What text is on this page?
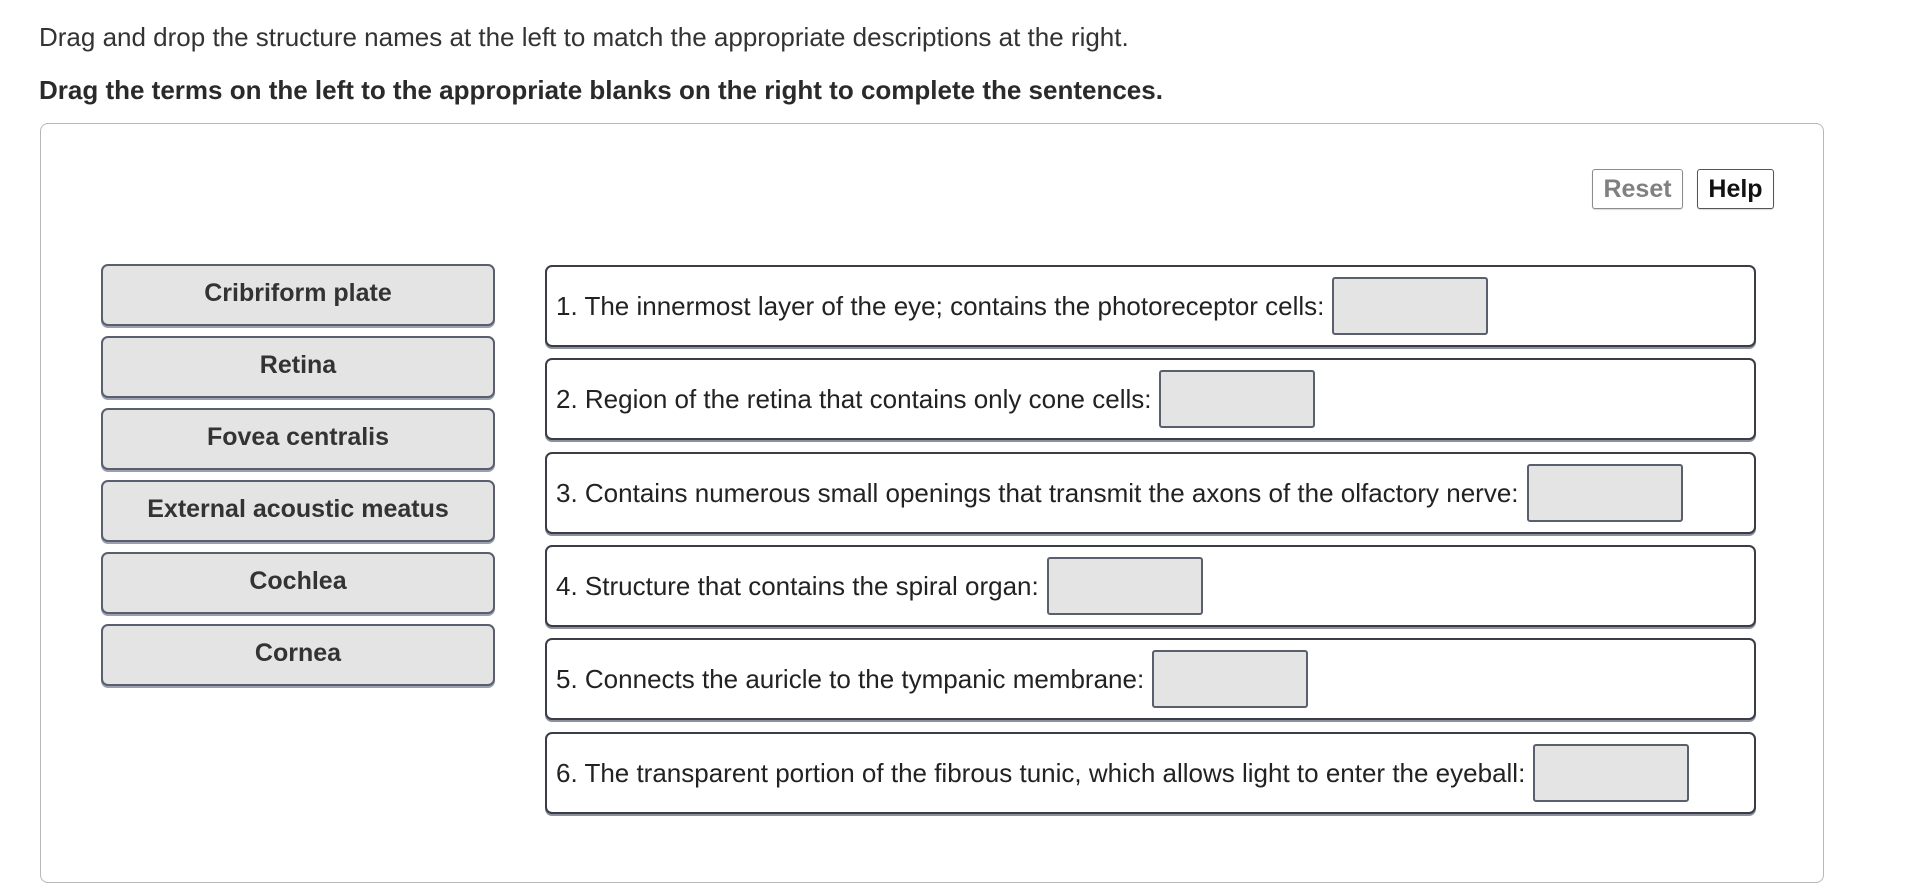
Drag and drop the structure names at the left to match the appropriate descriptions at the right.
Drag the terms on the left to the appropriate blanks on the right to complete the sentences.
Reset	Help
Cribriform plate
Retina
Fovea centralis
External acoustic meatus
Cochlea
Cornea
1. The innermost layer of the eye; contains the photoreceptor cells:
2. Region of the retina that contains only cone cells:
3. Contains numerous small openings that transmit the axons of the olfactory nerve:
4. Structure that contains the spiral organ:
5. Connects the auricle to the tympanic membrane:
6. The transparent portion of the fibrous tunic, which allows light to enter the eyeball:
